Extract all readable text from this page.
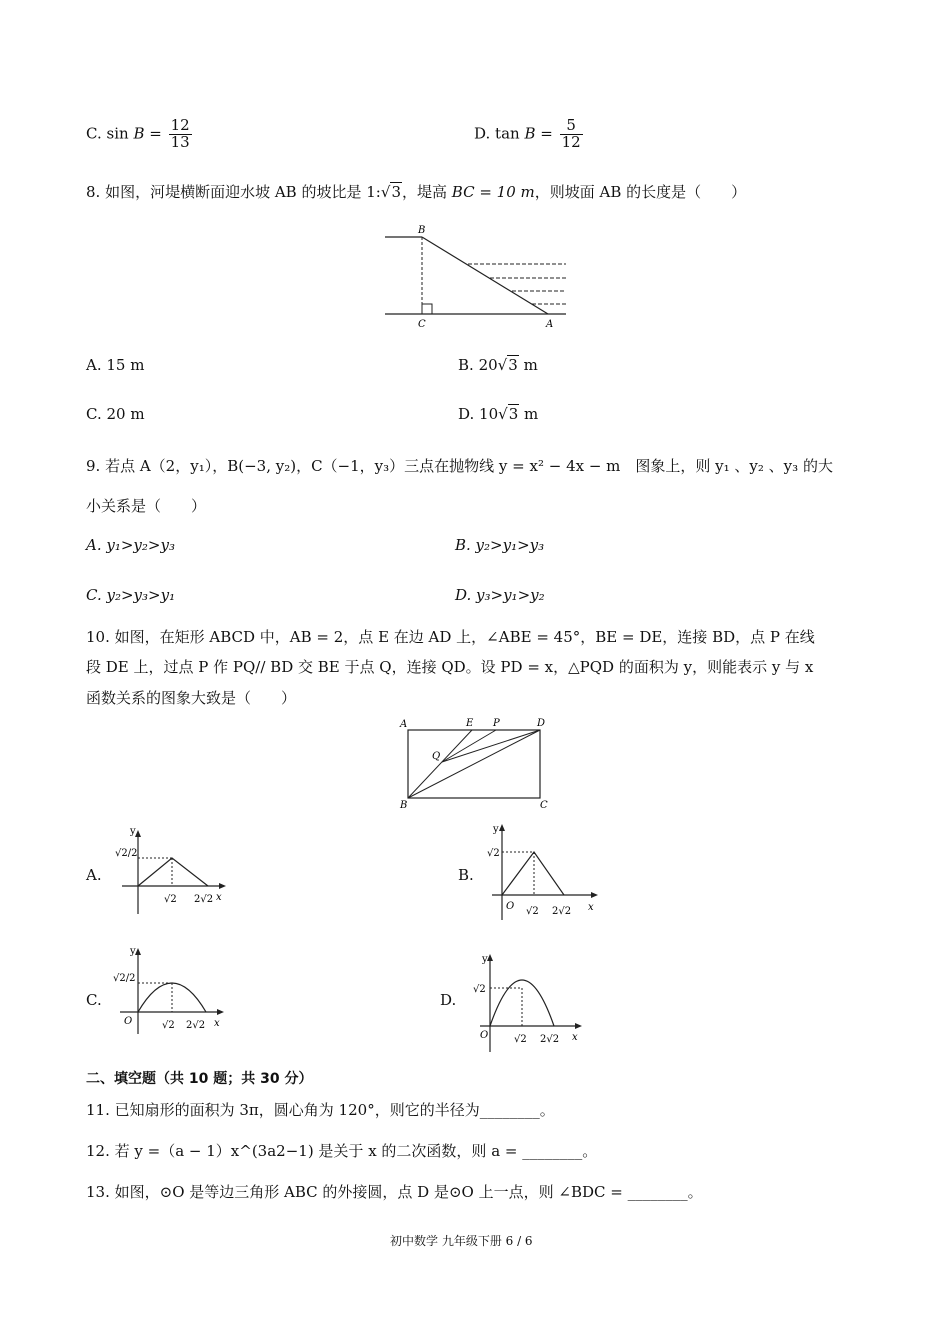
C. $\sin B = \frac{12}{13}$	D. $\tan B = \frac{5}{12}$
8. 如图，河堤横断面迎水坡 AB 的坡比是 1:√3，堤高 BC = 10 m，则坡面 AB 的长度是（　　）
B
C	A
A. 15 m	B. 20√3 m
C. 20 m	D. 10√3 m
9. 若点 A（2，y₁），B(−3, y₂)，C（−1，y₃）三点在抛物线 y = x² − 4x − m　图象上，则 y₁ 、y₂ 、y₃ 的大
小关系是（　　）
A. y₁>y₂>y₃	B. y₂>y₁>y₃
C. y₂>y₃>y₁	D. y₃>y₁>y₂
10. 如图，在矩形 ABCD 中，AB = 2，点 E 在边 AD 上，∠ABE = 45°，BE = DE，连接 BD，点 P 在线
段 DE 上，过点 P 作 PQ// BD 交 BE 于点 Q，连接 QD。设 PD = x，△PQD 的面积为 y，则能表示 y 与 x
函数关系的图象大致是（　　）
A	E P	D
Q
B	C
A.
y
√2/2
√2 2√2 x
B.
y
√2
O √2 2√2 x
C.
y
√2/2
O	√2 2√2 x
D.
y
√2
O	√2 2√2 x
二、填空题（共 10 题；共 30 分）
11. 已知扇形的面积为 3π，圆心角为 120°，则它的半径为________。
12. 若 y =（a − 1）x^(3a2−1) 是关于 x 的二次函数，则 a = ________。
13. 如图，⊙O 是等边三角形 ABC 的外接圆，点 D 是⊙O 上一点，则 ∠BDC = ________。
初中数学 九年级下册 6 / 6
